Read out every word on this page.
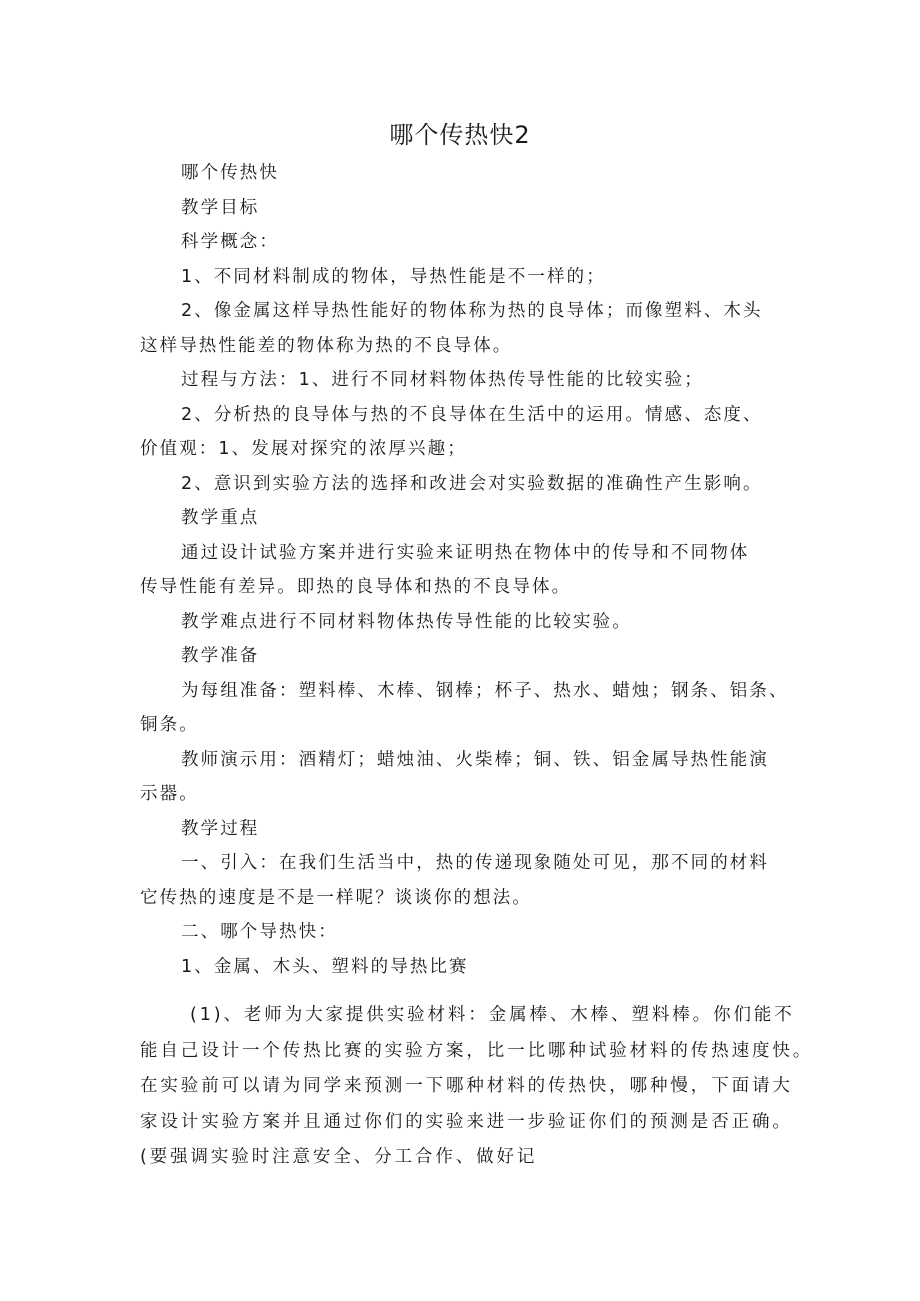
哪个传热快2
哪个传热快
教学目标
科学概念：
1、不同材料制成的物体，导热性能是不一样的；
2、像金属这样导热性能好的物体称为热的良导体；而像塑料、木头
这样导热性能差的物体称为热的不良导体。
过程与方法：1、进行不同材料物体热传导性能的比较实验；
2、分析热的良导体与热的不良导体在生活中的运用。情感、态度、
价值观：1、发展对探究的浓厚兴趣；
2、意识到实验方法的选择和改进会对实验数据的准确性产生影响。
教学重点
通过设计试验方案并进行实验来证明热在物体中的传导和不同物体
传导性能有差异。即热的良导体和热的不良导体。
教学难点进行不同材料物体热传导性能的比较实验。
教学准备
为每组准备：塑料棒、木棒、钢棒；杯子、热水、蜡烛；钢条、铝条、
铜条。
教师演示用：酒精灯；蜡烛油、火柴棒；铜、铁、铝金属导热性能演
示器。
教学过程
一、引入：在我们生活当中，热的传递现象随处可见，那不同的材料
它传热的速度是不是一样呢？谈谈你的想法。
二、哪个导热快：
1、金属、木头、塑料的导热比赛
(1)、老师为大家提供实验材料：金属棒、木棒、塑料棒。你们能不
能自己设计一个传热比赛的实验方案，比一比哪种试验材料的传热速度快。
在实验前可以请为同学来预测一下哪种材料的传热快，哪种慢，下面请大
家设计实验方案并且通过你们的实验来进一步验证你们的预测是否正确。
(要强调实验时注意安全、分工合作、做好记
